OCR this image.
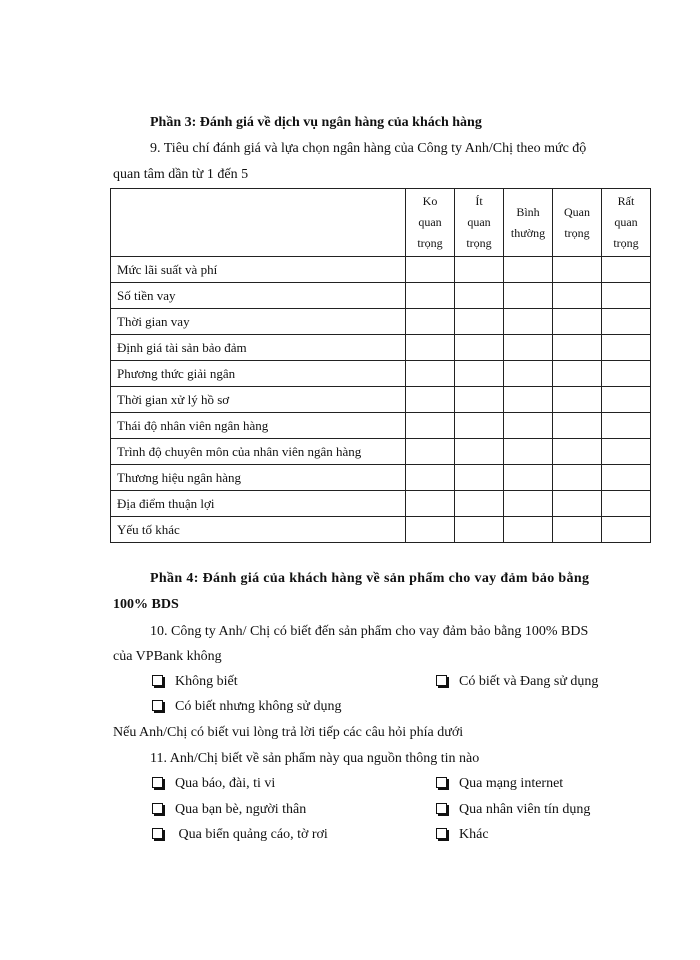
Phần 3: Đánh giá về dịch vụ ngân hàng của khách hàng
9. Tiêu chí đánh giá và lựa chọn ngân hàng của Công ty Anh/Chị theo mức độ
quan tâm dần từ 1 đến 5
	Ko
quan
trọng	Ít
quan
trọng	Bình
thường	Quan
trọng	Rất
quan
trọng
Mức lãi suất và phí					
Số tiền vay					
Thời gian vay					
Định giá tài sản bảo đảm					
Phương thức giải ngân					
Thời gian xử lý hồ sơ					
Thái độ nhân viên ngân hàng					
Trình độ chuyên môn của nhân viên ngân hàng					
Thương hiệu ngân hàng					
Địa điểm thuận lợi					
Yếu tố khác					
Phần 4: Đánh giá của khách hàng về sản phẩm cho vay đảm bảo bằng
100% BDS
10. Công ty Anh/ Chị có biết đến sản phẩm cho vay đảm bảo bằng 100% BDS
của VPBank không
Không biết	Có biết và Đang sử dụng
Có biết nhưng không sử dụng
Nếu Anh/Chị có biết vui lòng trả lời tiếp các câu hỏi phía dưới
11. Anh/Chị biết về sản phẩm này qua nguồn thông tin nào
Qua báo, đài, ti vi	Qua mạng internet
Qua bạn bè, người thân	Qua nhân viên tín dụng
Qua biển quảng cáo, tờ rơi	Khác
